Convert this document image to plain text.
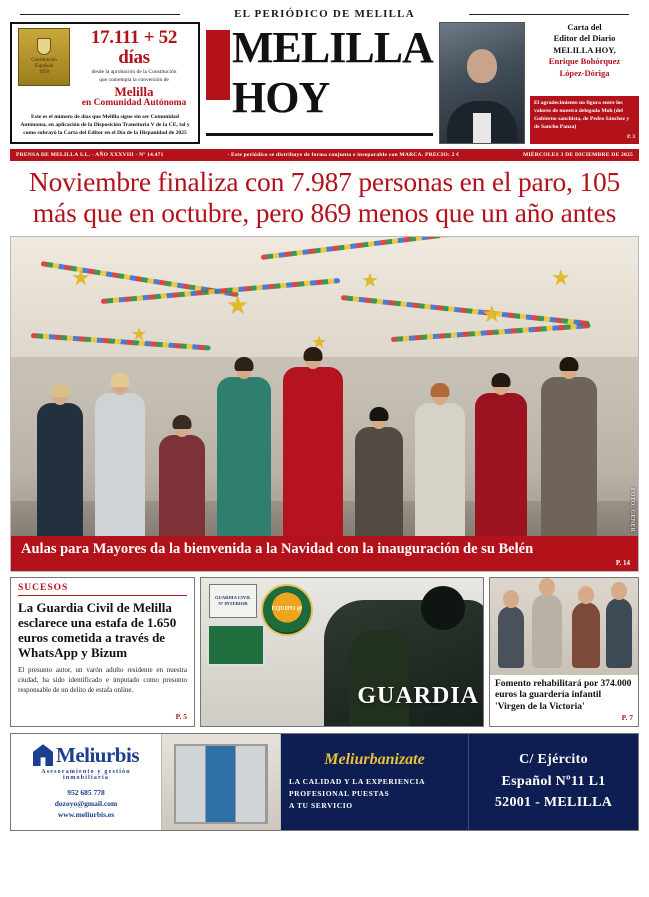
EL PERIÓDICO DE MELILLA
Constitución
Española
1978
17.111 + 52 días
desde la aprobación de la Constitución
que contempla la conversión de
Melilla
en Comunidad Autónoma
Este es el número de días que Melilla sigue sin ser Comunidad Autónoma, en aplicación de la Disposición Transitoria V de la CE, tal y como subrayó la Carta del Editor en el Día de la Hispanidad de 2025
MELILLA
HOY
Carta del
Editor del Diario
MELILLA HOY,
Enrique Bohórquez
López-Dóriga
El agradecimiento no figura entre los valores de nuestra delegada Moh (del Gobierno sanchista, de Pedro Sánchez y de Sancho Panza)
P. 3
PRENSA DE MELILLA S.L. - AÑO XXXVIII - Nº 14.471	- Este periódico se distribuye de forma conjunta e inseparable con MARCA. PRECIO: 2 €	MIÉRCOLES 3 DE DICIEMBRE DE 2025
Noviembre finaliza con 7.987 personas en el paro, 105
más que en octubre, pero 869 menos que un año antes
FOTO: GENER
Aulas para Mayores da la bienvenida a la Navidad con la inauguración de su Belén
P. 14
SUCESOS
La Guardia Civil de Melilla esclarece una estafa de 1.650 euros cometida a través de WhatsApp y Bizum
El presunto autor, un varón adulto residente en nuestra ciudad, ha sido identificado e imputado como presunto responsable de un delito de estafa online.
P. 5
GUARDIA CIVIL
Nº INTERIOR
EQUIPO @
GUARDIA	Fomento rehabilitará por 374.000 euros la guardería infantil 'Virgen de la Victoria'
P. 7
Meliurbis
Asesoramiento y gestión inmobiliaria
952 685 778
dozoyo@gmail.com
www.meliurbis.es
Meliurbanizate
LA CALIDAD Y LA EXPERIENCIA
PROFESIONAL PUESTAS
A TU SERVICIO
C/ Ejército
Español Nº11 L1
52001 - MELILLA
